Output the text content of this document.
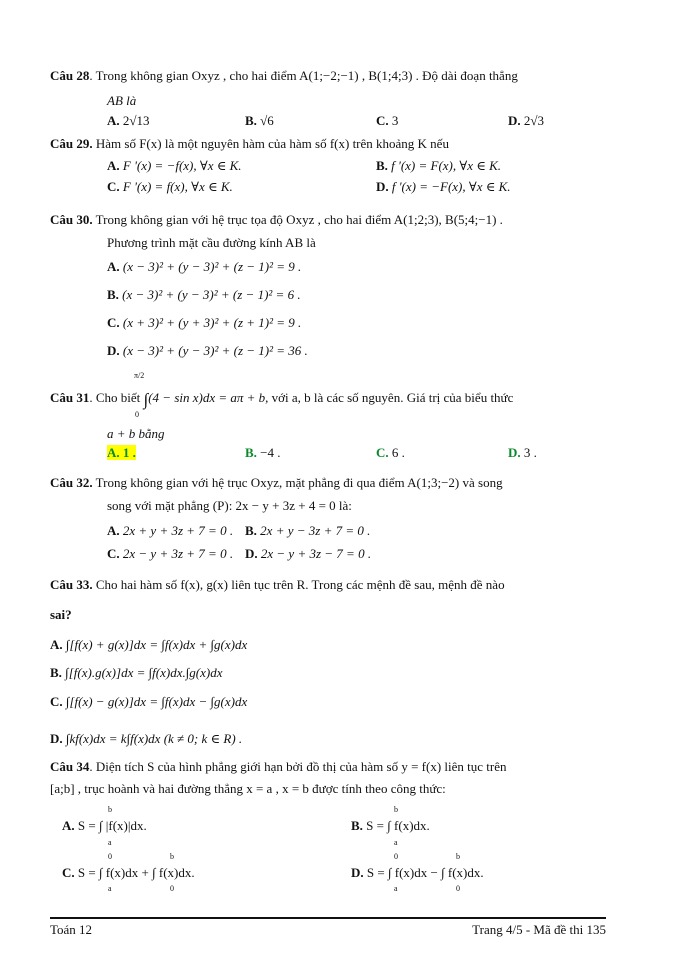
Câu 28. Trong không gian Oxyz , cho hai điểm A(1;−2;−1) , B(1;4;3) . Độ dài đoạn thẳng
AB là
A. 2√13	B. √6	C. 3	D. 2√3
Câu 29. Hàm số F(x) là một nguyên hàm của hàm số f(x) trên khoảng K nếu
A. F '(x) = −f(x), ∀x ∈ K.	B. f '(x) = F(x), ∀x ∈ K.
C. F '(x) = f(x), ∀x ∈ K.	D. f '(x) = −F(x), ∀x ∈ K.
Câu 30. Trong không gian với hệ trục tọa độ Oxyz , cho hai điểm A(1;2;3), B(5;4;−1) .
Phương trình mặt cầu đường kính AB là
A. (x − 3)² + (y − 3)² + (z − 1)² = 9 .
B. (x − 3)² + (y − 3)² + (z − 1)² = 6 .
C. (x + 3)² + (y + 3)² + (z + 1)² = 9 .
D. (x − 3)² + (y − 3)² + (z − 1)² = 36 .
Câu 31. Cho biết ∫(4 − sin x)dx = aπ + b, với a, b là các số nguyên. Giá trị của biểu thức
π/2
0
a + b bằng
A. 1 .	B. −4 .	C. 6 .	D. 3 .
Câu 32. Trong không gian với hệ trục Oxyz, mặt phẳng đi qua điểm A(1;3;−2) và song
song với mặt phẳng (P): 2x − y + 3z + 4 = 0 là:
A. 2x + y + 3z + 7 = 0 . B. 2x + y − 3z + 7 = 0 .
C. 2x − y + 3z + 7 = 0 . D. 2x − y + 3z − 7 = 0 .
Câu 33. Cho hai hàm số f(x), g(x) liên tục trên R. Trong các mệnh đề sau, mệnh đề nào
sai?
A. ∫[f(x) + g(x)]dx = ∫f(x)dx + ∫g(x)dx
B. ∫[f(x).g(x)]dx = ∫f(x)dx.∫g(x)dx
C. ∫[f(x) − g(x)]dx = ∫f(x)dx − ∫g(x)dx
D. ∫kf(x)dx = k∫f(x)dx (k ≠ 0; k ∈ R) .
Câu 34. Diện tích S của hình phẳng giới hạn bởi đồ thị của hàm số y = f(x) liên tục trên
[a;b] , trục hoành và hai đường thẳng x = a , x = b được tính theo công thức:
A. S = ∫ |f(x)|dx.
b
a
B. S = ∫ f(x)dx.
b
a
C. S = ∫ f(x)dx + ∫ f(x)dx.
0
a
b
0
D. S = ∫ f(x)dx − ∫ f(x)dx.
0
a
b
0
Toán 12	Trang 4/5 - Mã đề thi 135
